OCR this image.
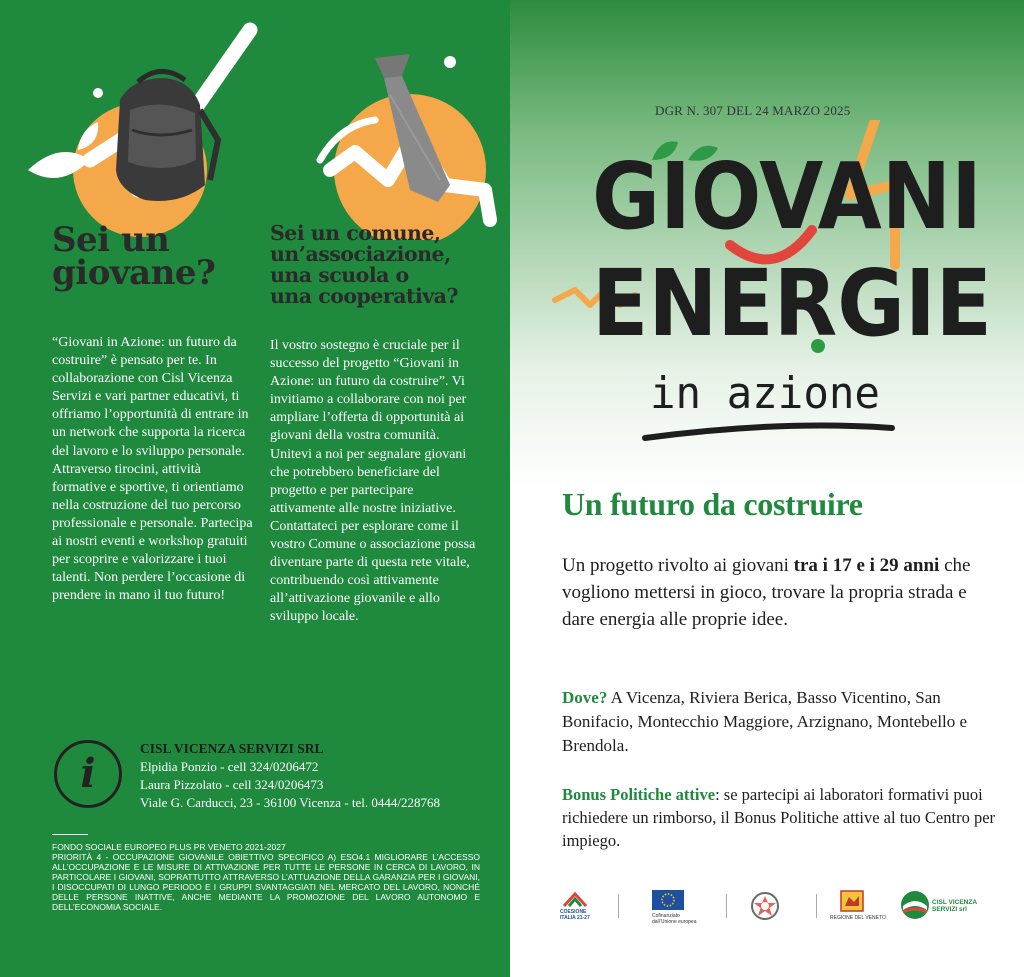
Sei un
giovane?
“Giovani in Azione: un futuro da costruire” è pensato per te. In collaborazione con Cisl Vicenza Servizi e vari partner educativi, ti offriamo l’opportunità di entrare in un network che supporta la ricerca del lavoro e lo sviluppo personale. Attraverso tirocini, attività formative e sportive, ti orientiamo nella costruzione del tuo percorso professionale e personale. Partecipa ai nostri eventi e workshop gratuiti per scoprire e valorizzare i tuoi talenti. Non perdere l’occasione di prendere in mano il tuo futuro!
Sei un comune,
un’associazione,
una scuola o
una cooperativa?
Il vostro sostegno è cruciale per il successo del progetto “Giovani in Azione: un futuro da costruire”. Vi invitiamo a collaborare con noi per ampliare l’offerta di opportunità ai giovani della vostra comunità.
Unitevi a noi per segnalare giovani che potrebbero beneficiare del progetto e per partecipare attivamente alle nostre iniziative.
Contattateci per esplorare come il vostro Comune o associazione possa diventare parte di questa rete vitale, contribuendo così attivamente all’attivazione giovanile e allo sviluppo locale.
i
CISL VICENZA SERVIZI SRL
Elpidia Ponzio - cell 324/0206472
Laura Pizzolato - cell 324/0206473
Viale G. Carducci, 23 - 36100 Vicenza - tel. 0444/228768
FONDO SOCIALE EUROPEO PLUS PR VENETO 2021-2027
PRIORITÀ 4 - OCCUPAZIONE GIOVANILE OBIETTIVO SPECIFICO A) ESO4.1 MIGLIORARE L’ACCESSO ALL’OCCUPAZIONE E LE MISURE DI ATTIVAZIONE PER TUTTE LE PERSONE IN CERCA DI LAVORO, IN PARTICOLARE I GIOVANI, SOPRATTUTTO ATTRAVERSO L’ATTUAZIONE DELLA GARANZIA PER I GIOVANI, I DISOCCUPATI DI LUNGO PERIODO E I GRUPPI SVANTAGGIATI NEL MERCATO DEL LAVORO, NONCHÉ DELLE PERSONE INATTIVE, ANCHE MEDIANTE LA PROMOZIONE DEL LAVORO AUTONOMO E DELL’ECONOMIA SOCIALE.
DGR N. 307 DEL 24 MARZO 2025
GIOVANI
ENERGIE
in azione
Un futuro da costruire
Un progetto rivolto ai giovani tra i 17 e i 29 anni che vogliono mettersi in gioco, trovare la propria strada e dare energia alle proprie idee.
Dove? A Vicenza, Riviera Berica, Basso Vicentino, San Bonifacio, Montecchio Maggiore, Arzignano, Montebello e Brendola.
Bonus Politiche attive: se partecipi ai laboratori formativi puoi richiedere un rimborso, il Bonus Politiche attive al tuo Centro per impiego.
COESIONE
ITALIA 21-27	Cofinanziato
dall’Unione europea
REGIONE DEL VENETO
CISL VICENZA
SERVIZI srl
